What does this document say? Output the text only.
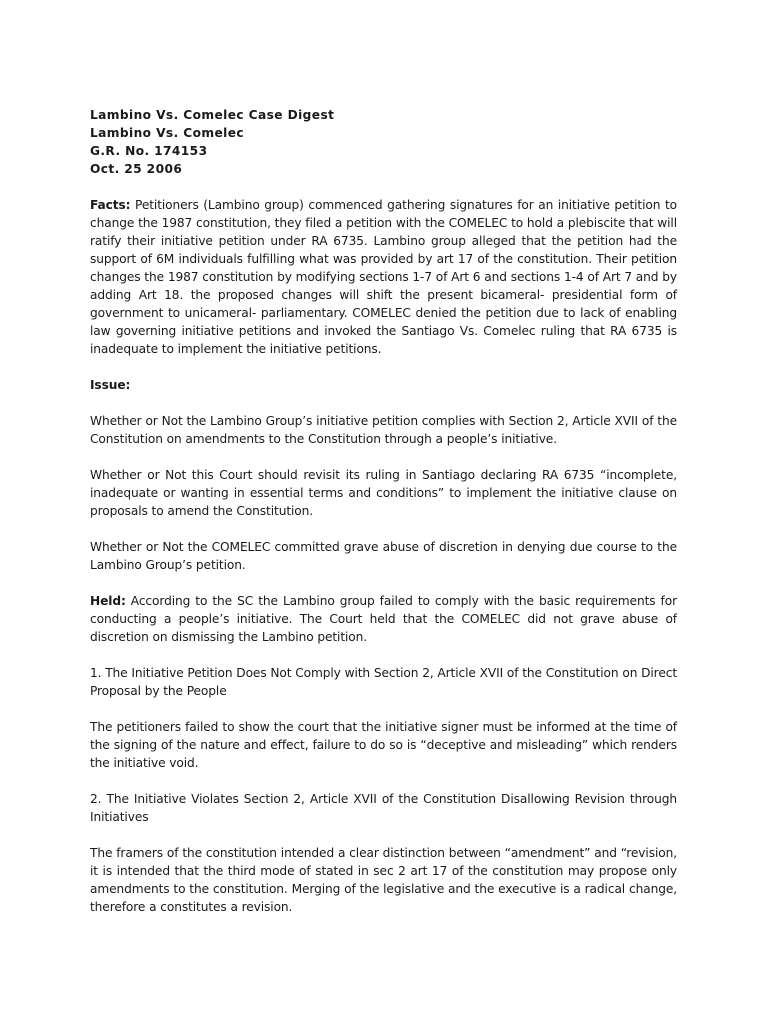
Lambino Vs. Comelec Case Digest
Lambino Vs. Comelec
G.R. No. 174153
Oct. 25 2006

Facts: Petitioners (Lambino group) commenced gathering signatures for an initiative petition to change the 1987 constitution, they filed a petition with the COMELEC to hold a plebiscite that will ratify their initiative petition under RA 6735. Lambino group alleged that the petition had the support of 6M individuals fulfilling what was provided by art 17 of the constitution. Their petition changes the 1987 constitution by modifying sections 1-7 of Art 6 and sections 1-4 of Art 7 and by adding Art 18. the proposed changes will shift the present bicameral- presidential form of government to unicameral- parliamentary. COMELEC denied the petition due to lack of enabling law governing initiative petitions and invoked the Santiago Vs. Comelec ruling that RA 6735 is inadequate to implement the initiative petitions.

Issue:

Whether or Not the Lambino Group’s initiative petition complies with Section 2, Article XVII of the Constitution on amendments to the Constitution through a people’s initiative.

Whether or Not this Court should revisit its ruling in Santiago declaring RA 6735 “incomplete, inadequate or wanting in essential terms and conditions” to implement the initiative clause on proposals to amend the Constitution.

Whether or Not the COMELEC committed grave abuse of discretion in denying due course to the Lambino Group’s petition.

Held: According to the SC the Lambino group failed to comply with the basic requirements for conducting a people’s initiative. The Court held that the COMELEC did not grave abuse of discretion on dismissing the Lambino petition.

1. The Initiative Petition Does Not Comply with Section 2, Article XVII of the Constitution on Direct Proposal by the People

The petitioners failed to show the court that the initiative signer must be informed at the time of the signing of the nature and effect, failure to do so is “deceptive and misleading” which renders the initiative void.

2. The Initiative Violates Section 2, Article XVII of the Constitution Disallowing Revision through Initiatives

The framers of the constitution intended a clear distinction between “amendment” and “revision, it is intended that the third mode of stated in sec 2 art 17 of the constitution may propose only amendments to the constitution. Merging of the legislative and the executive is a radical change, therefore a constitutes a revision.
